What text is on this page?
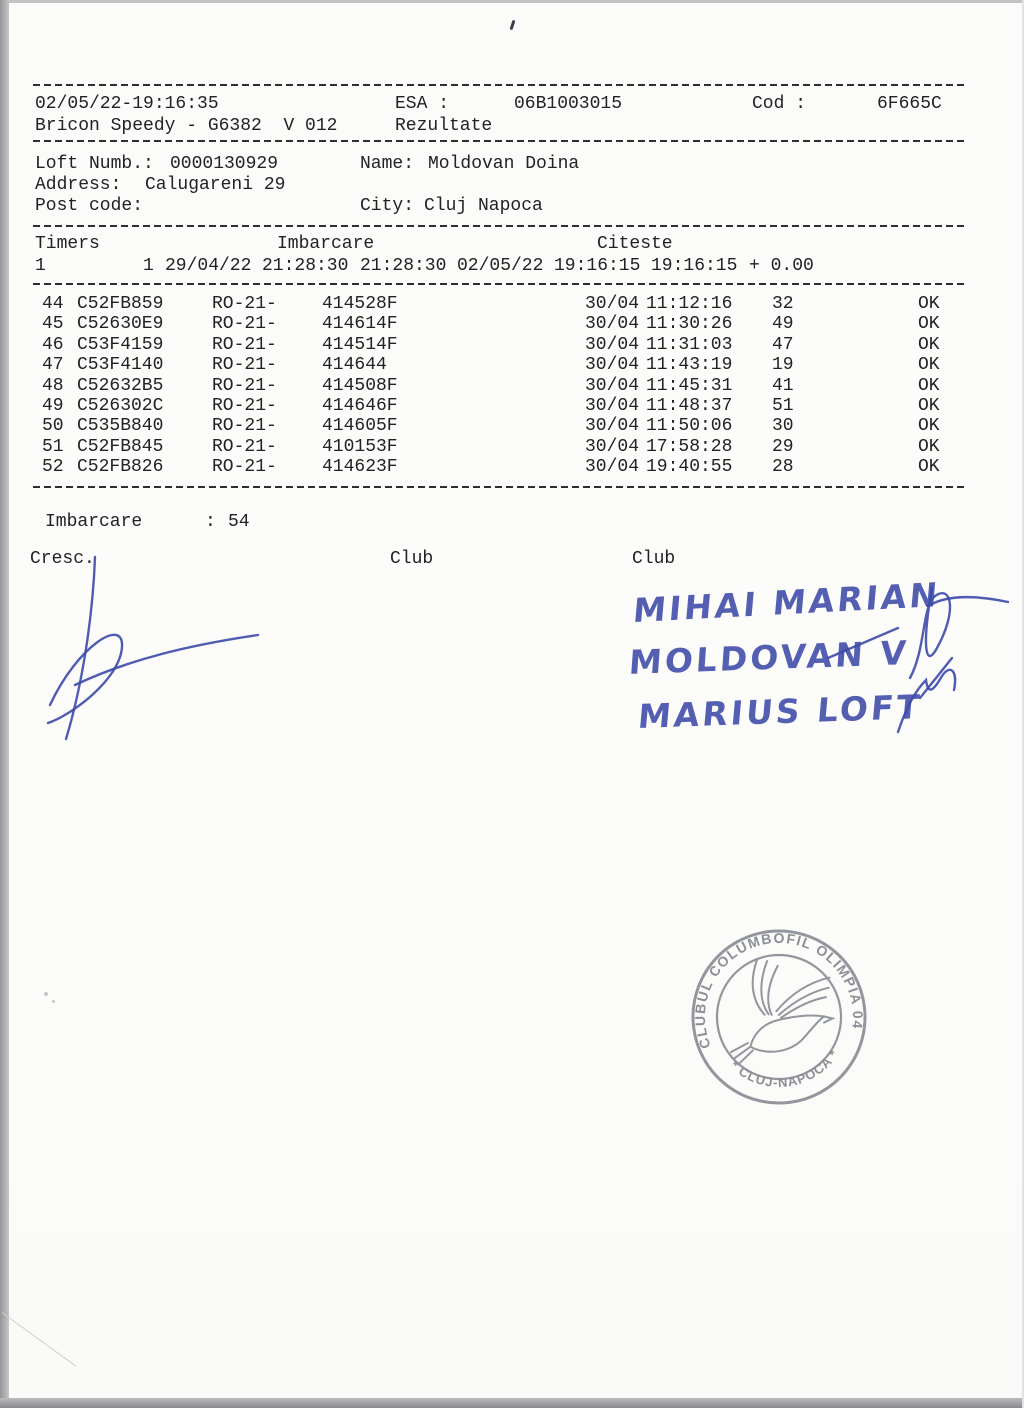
02/05/22-19:16:35	ESA :	06B1003015	Cod :	6F665C
Bricon Speedy - G6382  V 012	Rezultate
Loft Numb.: 0000130929	Name: Moldovan Doina
Address: Calugareni 29
Post code:	City: Cluj Napoca
Timers	Imbarcare	Citeste
1	1 29/04/22 21:28:30 21:28:30 02/05/22 19:16:15 19:16:15 + 0.00
44 C52FB859	RO-21-	414528F	30/04 11:12:16 32	OK
45 C52630E9	RO-21-	414614F	30/04 11:30:26 49	OK
46 C53F4159	RO-21-	414514F	30/04 11:31:03 47	OK
47 C53F4140	RO-21-	414644	30/04 11:43:19 19	OK
48 C52632B5	RO-21-	414508F	30/04 11:45:31 41	OK
49 C526302C	RO-21-	414646F	30/04 11:48:37 51	OK
50 C535B840	RO-21-	414605F	30/04 11:50:06 30	OK
51 C52FB845	RO-21-	410153F	30/04 17:58:28 29	OK
52 C52FB826	RO-21-	414623F	30/04 19:40:55 28	OK
Imbarcare	: 54
Cresc.	Club	Club
MIHAI MARIAN
MOLDOVAN V
MARIUS LOFT
CLUBUL COLUMBOFIL OLIMPIA 04
* CLUJ-NAPOCA *
